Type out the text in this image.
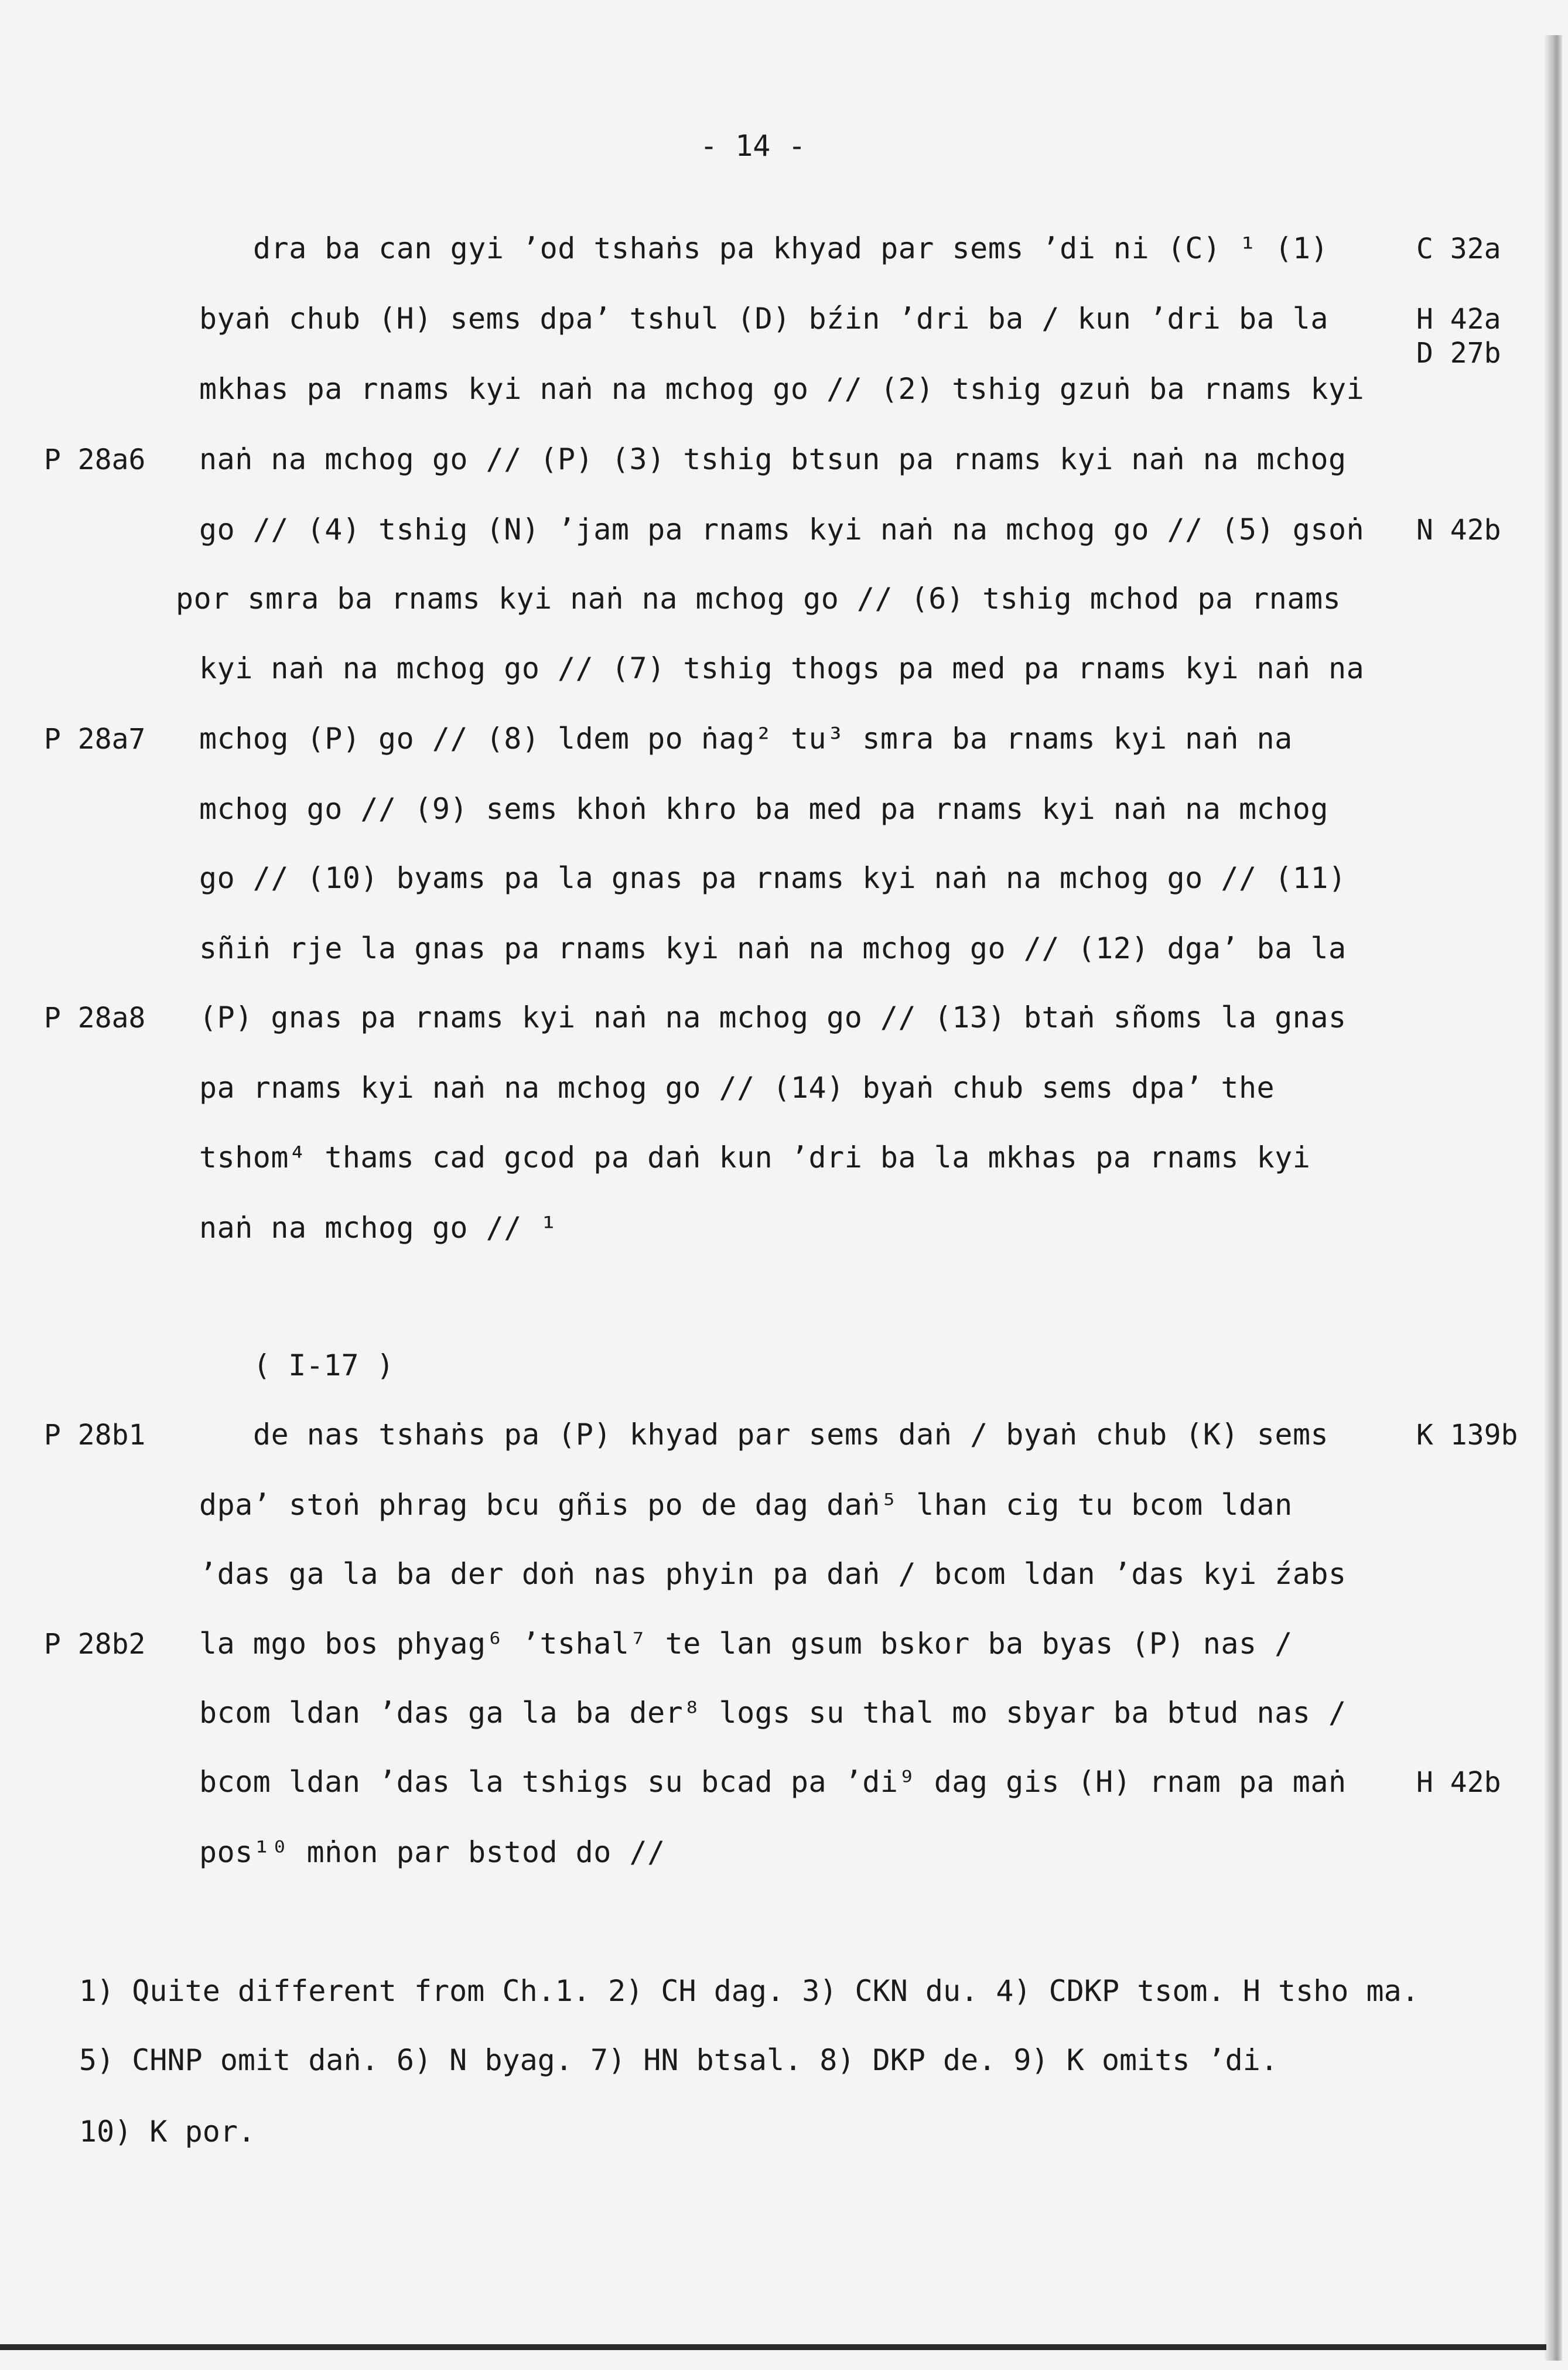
- 14 -
dra ba can gyi ʼod tshaṅs pa khyad par sems ʼdi ni (C) ¹ (1)
byaṅ chub (H) sems dpaʼ tshul (D) bźin ʼdri ba / kun ʼdri ba la
mkhas pa rnams kyi naṅ na mchog go // (2) tshig gzuṅ ba rnams kyi
naṅ na mchog go // (P) (3) tshig btsun pa rnams kyi naṅ na mchog
go // (4) tshig (N) ʼjam pa rnams kyi naṅ na mchog go // (5) gsoṅ
por smra ba rnams kyi naṅ na mchog go // (6) tshig mchod pa rnams
kyi naṅ na mchog go // (7) tshig thogs pa med pa rnams kyi naṅ na
mchog (P) go // (8) ldem po ṅag² tu³ smra ba rnams kyi naṅ na
mchog go // (9) sems khoṅ khro ba med pa rnams kyi naṅ na mchog
go // (10) byams pa la gnas pa rnams kyi naṅ na mchog go // (11)
sñiṅ rje la gnas pa rnams kyi naṅ na mchog go // (12) dgaʼ ba la
(P) gnas pa rnams kyi naṅ na mchog go // (13) btaṅ sñoms la gnas
pa rnams kyi naṅ na mchog go // (14) byaṅ chub sems dpaʼ the
tshom⁴ thams cad gcod pa daṅ kun ʼdri ba la mkhas pa rnams kyi
naṅ na mchog go // ¹
P 28a6
P 28a7
P 28a8
P 28b1
P 28b2
C 32a
H 42a
D 27b
N 42b
K 139b
H 42b
( I-17 )
de nas tshaṅs pa (P) khyad par sems daṅ / byaṅ chub (K) sems
dpaʼ stoṅ phrag bcu gñis po de dag daṅ⁵ lhan cig tu bcom ldan
ʼdas ga la ba der doṅ nas phyin pa daṅ / bcom ldan ʼdas kyi źabs
la mgo bos phyag⁶ ʼtshal⁷ te lan gsum bskor ba byas (P) nas /
bcom ldan ʼdas ga la ba der⁸ logs su thal mo sbyar ba btud nas /
bcom ldan ʼdas la tshigs su bcad pa ʼdi⁹ dag gis (H) rnam pa maṅ
pos¹⁰ mṅon par bstod do //
1) Quite different from Ch.1. 2) CH dag. 3) CKN du. 4) CDKP tsom. H tsho ma.
5) CHNP omit daṅ. 6) N byag. 7) HN btsal. 8) DKP de. 9) K omits ʼdi.
10) K por.
